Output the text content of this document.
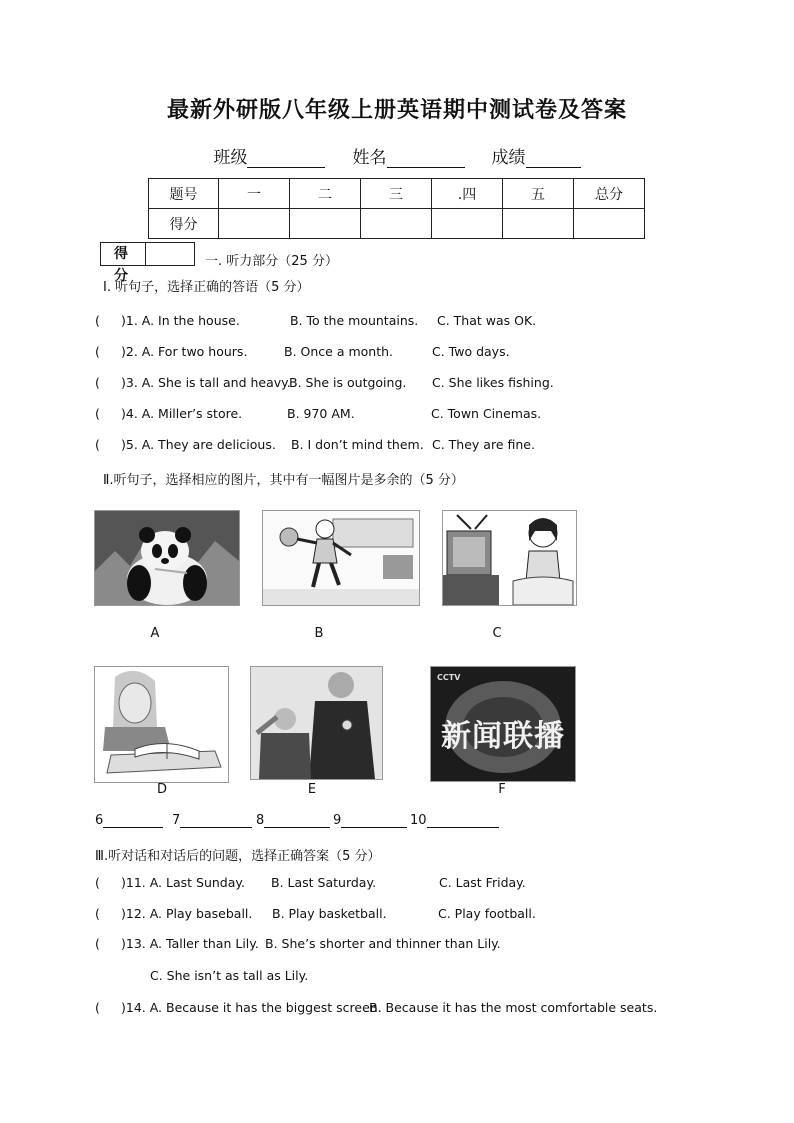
最新外研版八年级上册英语期中测试卷及答案
班级	姓名	成绩
题号	一	二	三	.四	五	总分
得分						
得 分
一. 听力部分（25 分）
Ⅰ. 听句子，选择正确的答语（5 分）
( )1. A. In the house.	B. To the mountains. C. That was OK.
( )2. A. For two hours.	B. Once a month.	C. Two days.
( )3. A. She is tall and heavy.
B. She is outgoing. C. She likes fishing.
( )4. A. Miller’s store.	B. 970 AM.	C. Town Cinemas.
( )5. A. They are delicious. B. I don’t mind them. C. They are fine.
Ⅱ.听句子，选择相应的图片，其中有一幅图片是多余的（5 分）
A	B	C
D	E
CCTV
新闻联播
F
6	7	8	9	10
Ⅲ.听对话和对话后的问题，选择正确答案（5 分）
( )11. A. Last Sunday. B. Last Saturday.	C. Last Friday.
( )12. A. Play baseball. B. Play basketball.	C. Play football.
( )13. A. Taller than Lily. B. She’s shorter and thinner than Lily.
C. She isn’t as tall as Lily.
( )14. A. Because it has the biggest screen.
B. Because it has the most comfortable seats.
